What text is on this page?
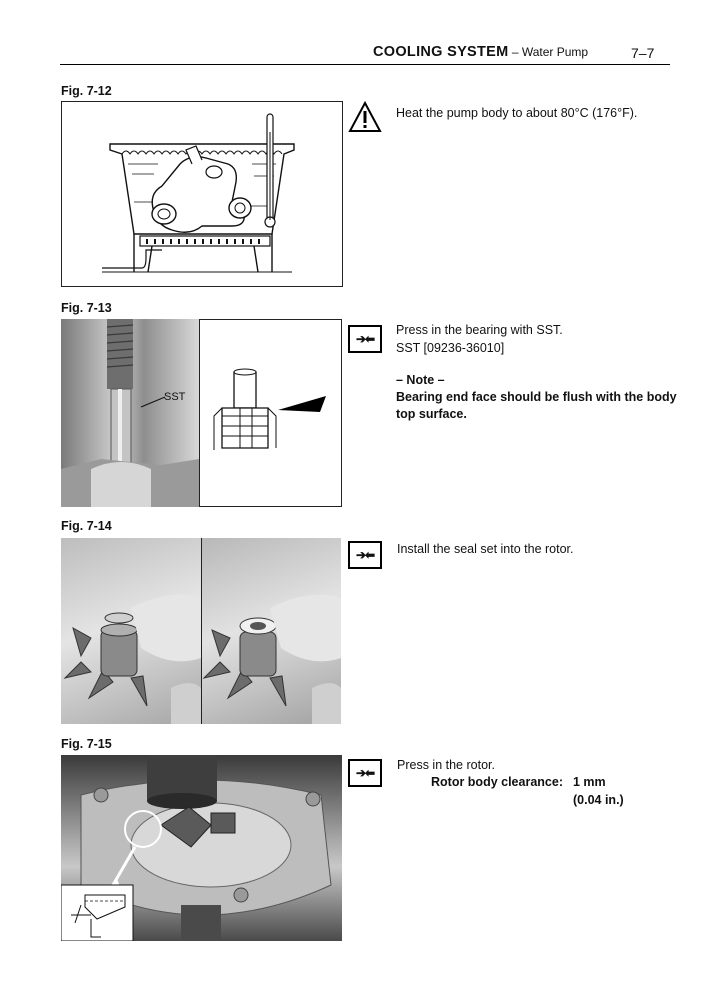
COOLING SYSTEM – Water Pump	7–7
Fig. 7-12
Heat the pump body to about 80°C (176°F).
Fig. 7-13
SST
➔⬅
Press in the bearing with SST.
SST [09236-36010]
– Note –
Bearing end face should be flush with the body
top surface.
Fig. 7-14
➔⬅	Install the seal set into the rotor.
Fig. 7-15
➔⬅
Press in the rotor.
Rotor body clearance: 1 mm
(0.04 in.)
